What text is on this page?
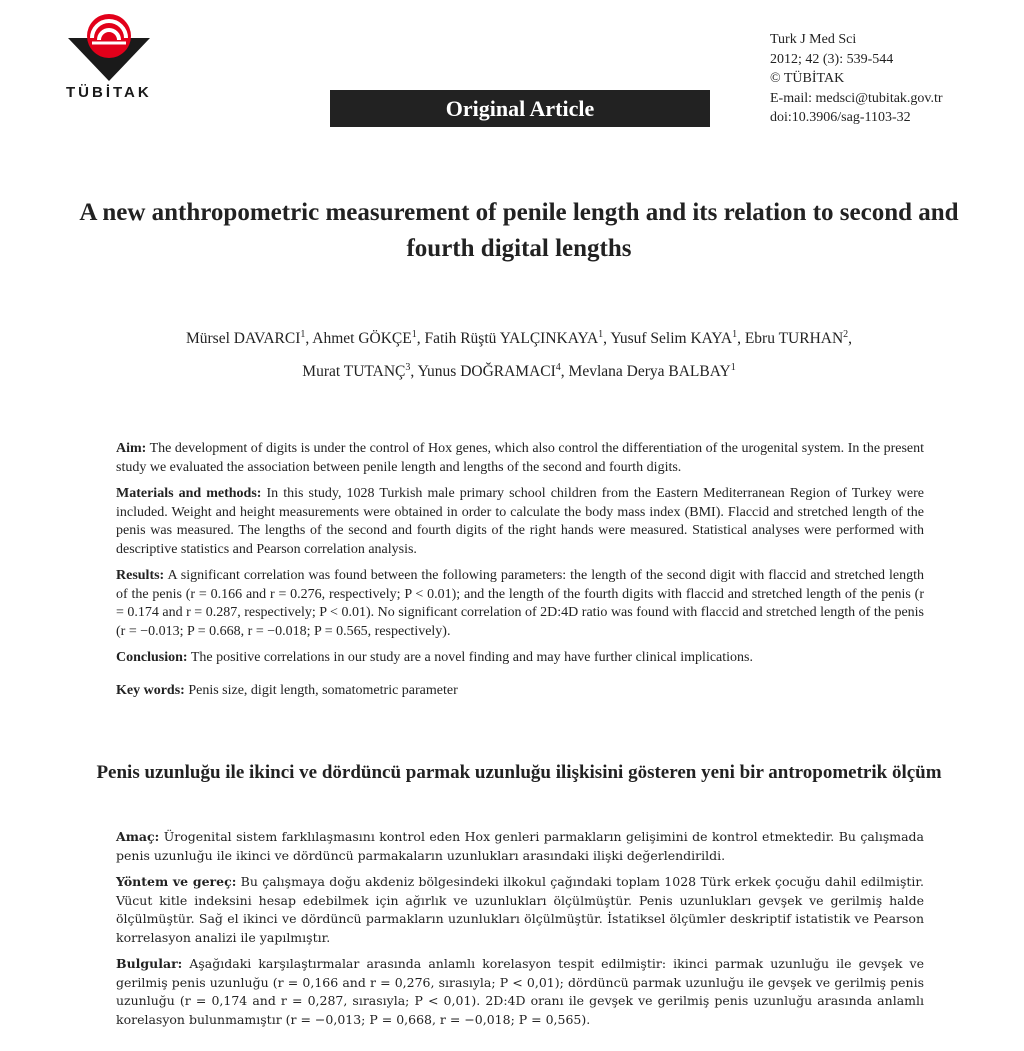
TÜBİTAK
Original Article
Turk J Med Sci
2012; 42 (3): 539-544
© TÜBİTAK
E-mail: medsci@tubitak.gov.tr
doi:10.3906/sag-1103-32
A new anthropometric measurement of penile length and its relation to second and fourth digital lengths
Mürsel DAVARCI$^1$, Ahmet GÖKÇE$^1$, Fatih Rüştü YALÇINKAYA$^1$, Yusuf Selim KAYA$^1$, Ebru TURHAN$^2$,
Murat TUTANÇ$^3$, Yunus DOĞRAMACI$^4$, Mevlana Derya BALBAY$^1$

Aim: The development of digits is under the control of Hox genes, which also control the differentiation of the urogenital system. In the present study we evaluated the association between penile length and lengths of the second and fourth digits.

Materials and methods: In this study, 1028 Turkish male primary school children from the Eastern Mediterranean Region of Turkey were included. Weight and height measurements were obtained in order to calculate the body mass index (BMI). Flaccid and stretched length of the penis was measured. The lengths of the second and fourth digits of the right hands were measured. Statistical analyses were performed with descriptive statistics and Pearson correlation analysis.

Results: A significant correlation was found between the following parameters: the length of the second digit with flaccid and stretched length of the penis (r = 0.166 and r = 0.276, respectively; P < 0.01); and the length of the fourth digits with flaccid and stretched length of the penis (r = 0.174 and r = 0.287, respectively; P < 0.01). No significant correlation of 2D:4D ratio was found with flaccid and stretched length of the penis (r = −0.013; P = 0.668, r = −0.018; P = 0.565, respectively).

Conclusion: The positive correlations in our study are a novel finding and may have further clinical implications.

Key words: Penis size, digit length, somatometric parameter

Penis uzunluğu ile ikinci ve dördüncü parmak uzunluğu ilişkisini gösteren yeni bir antropometrik ölçüm

Amaç: Ürogenital sistem farklılaşmasını kontrol eden Hox genleri parmakların gelişimini de kontrol etmektedir. Bu çalışmada penis uzunluğu ile ikinci ve dördüncü parmakaların uzunlukları arasındaki ilişki değerlendirildi.

Yöntem ve gereç: Bu çalışmaya doğu akdeniz bölgesindeki ilkokul çağındaki toplam 1028 Türk erkek çocuğu dahil edilmiştir. Vücut kitle indeksini hesap edebilmek için ağırlık ve uzunlukları ölçülmüştür. Penis uzunlukları gevşek ve gerilmiş halde ölçülmüştür. Sağ el ikinci ve dördüncü parmakların uzunlukları ölçülmüştür. İstatiksel ölçümler deskriptif istatistik ve Pearson korrelasyon analizi ile yapılmıştır.

Bulgular: Aşağıdaki karşılaştırmalar arasında anlamlı korelasyon tespit edilmiştir: ikinci parmak uzunluğu ile gevşek ve gerilmiş penis uzunluğu (r = 0,166 and r = 0,276, sırasıyla; P < 0,01); dördüncü parmak uzunluğu ile gevşek ve gerilmiş penis uzunluğu (r = 0,174 and r = 0,287, sırasıyla; P < 0,01). 2D:4D oranı ile gevşek ve gerilmiş penis uzunluğu arasında anlamlı korelasyon bulunmamıştır (r = −0,013; P = 0,668, r = −0,018; P = 0,565).
